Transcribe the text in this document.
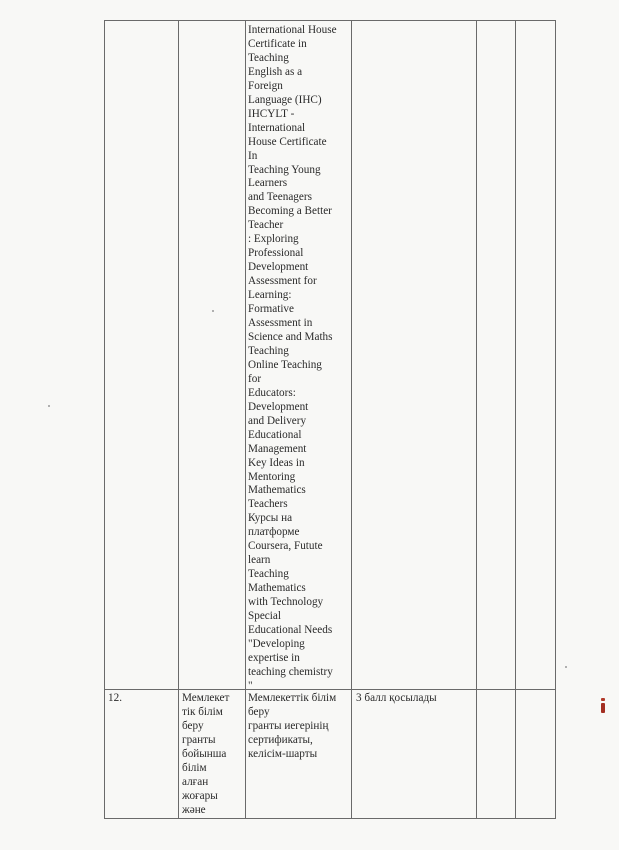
International House
Certificate in
Teaching
English as a
Foreign
Language (IHC)
IHCYLT -
International
House Certificate
In
Teaching Young
Learners
and Teenagers
Becoming a Better
Teacher
: Exploring
Professional
Development
Assessment for
Learning:
Formative
Assessment in
Science and Maths
Teaching
Online Teaching
for
Educators:
Development
and Delivery
Educational
Management
Key Ideas in
Mentoring
Mathematics
Teachers
Курсы на
платформе
Coursera, Futute
learn
Teaching
Mathematics
with Technology
Special
Educational Needs
"Developing
expertise in
teaching chemistry
"
12.	Мемлекет
тік білім
беру
гранты
бойынша
білім
алған
жоғары
және
Мемлекеттік білім
беру
гранты иегерінің
сертификаты,
келісім-шарты
3 балл қосылады
